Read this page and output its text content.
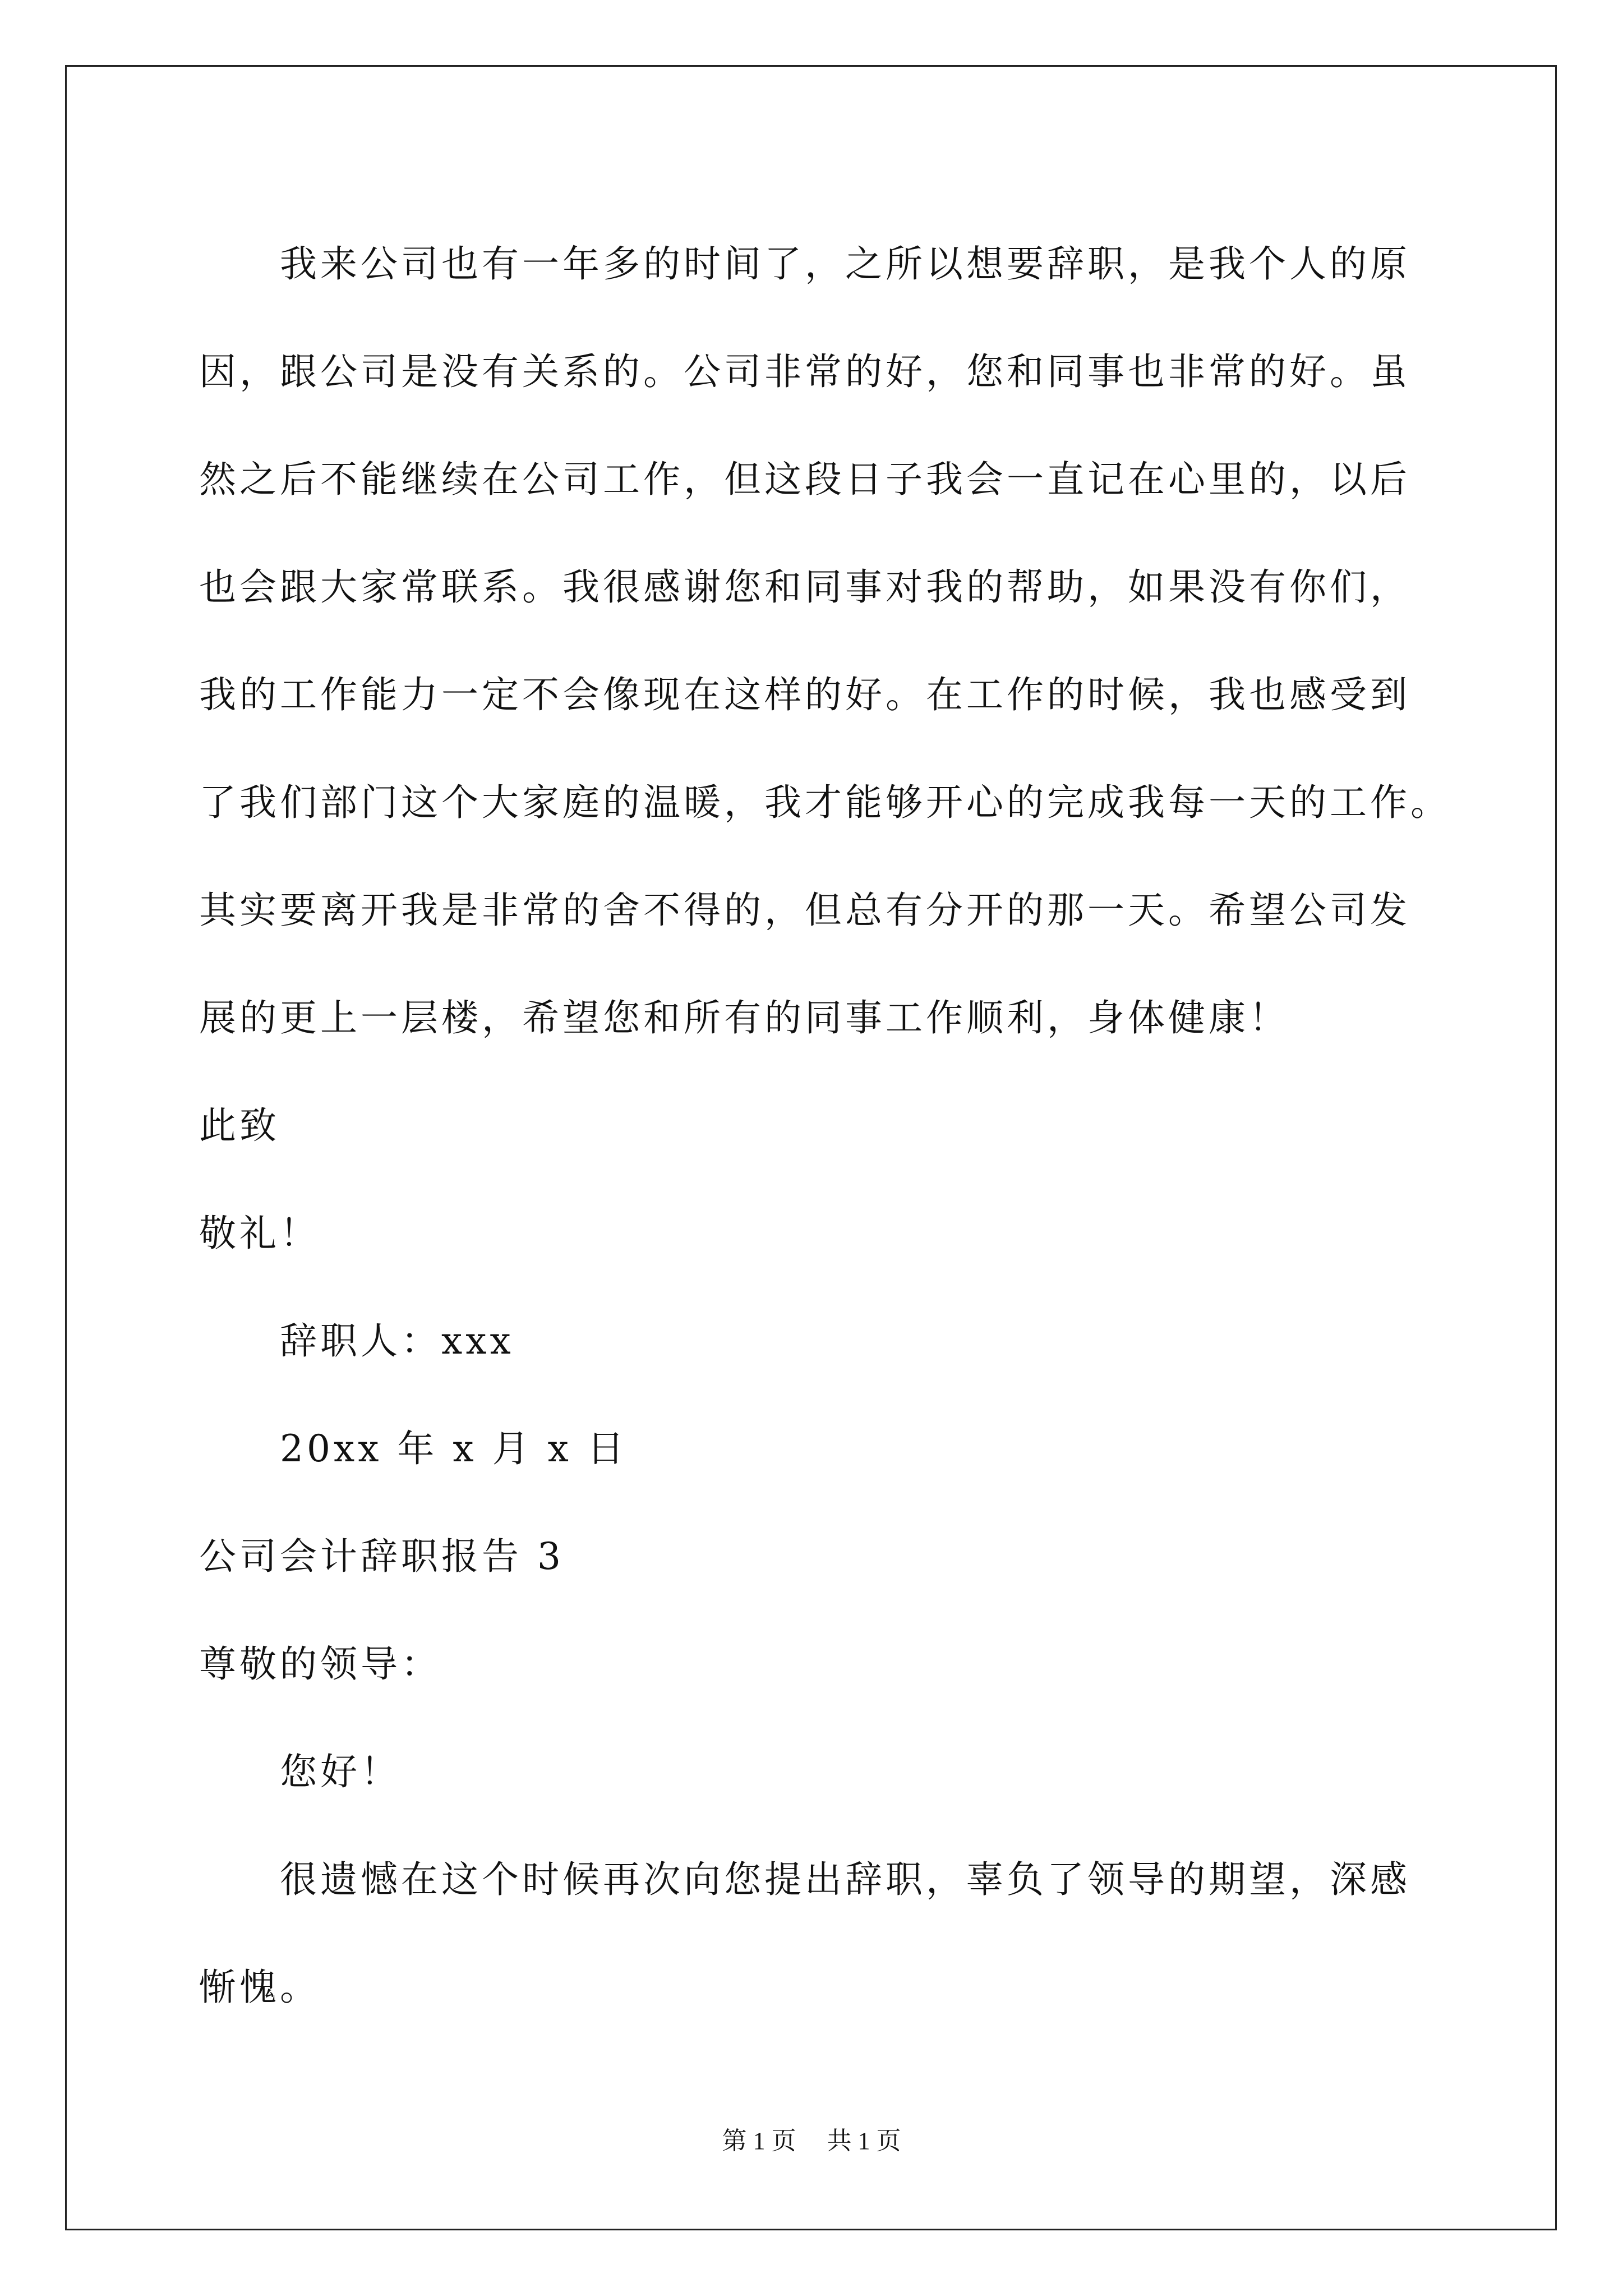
我来公司也有一年多的时间了，之所以想要辞职，是我个人的原
因，跟公司是没有关系的。公司非常的好，您和同事也非常的好。虽
然之后不能继续在公司工作，但这段日子我会一直记在心里的，以后
也会跟大家常联系。我很感谢您和同事对我的帮助，如果没有你们，
我的工作能力一定不会像现在这样的好。在工作的时候，我也感受到
了我们部门这个大家庭的温暖，我才能够开心的完成我每一天的工作。
其实要离开我是非常的舍不得的，但总有分开的那一天。希望公司发
展的更上一层楼，希望您和所有的同事工作顺利，身体健康！
此致
敬礼！
辞职人：xxx
20xx 年 x 月 x 日
公司会计辞职报告 3
尊敬的领导：
您好！
很遗憾在这个时候再次向您提出辞职，辜负了领导的期望，深感
惭愧。
第 1 页 共 1 页
